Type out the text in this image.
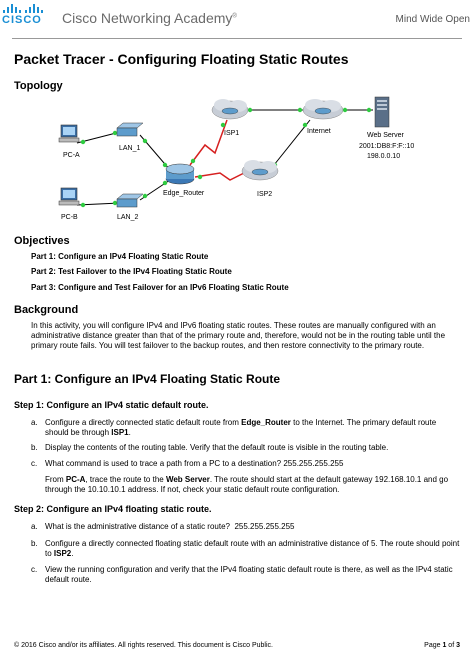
CISCO Cisco Networking Academy®	Mind Wide Open
Packet Tracer - Configuring Floating Static Routes
Topology
PC-A
PC-B
LAN_1
LAN_2
Edge_Router
ISP1
ISP2
Internet
Web Server
2001:DB8:F:F::10
198.0.0.10
Objectives
Part 1: Configure an IPv4 Floating Static Route
Part 2: Test Failover to the IPv4 Floating Static Route
Part 3: Configure and Test Failover for an IPv6 Floating Static Route
Background
In this activity, you will configure IPv4 and IPv6 floating static routes. These routes are manually configured with an administrative distance greater than that of the primary route and, therefore, would not be in the routing table until the primary route fails. You will test failover to the backup routes, and then restore connectivity to the primary route.
Part 1: Configure an IPv4 Floating Static Route
Step 1: Configure an IPv4 static default route.
a. Configure a directly connected static default route from Edge_Router to the Internet. The primary default route should be through ISP1.
b. Display the contents of the routing table. Verify that the default route is visible in the routing table.
c. What command is used to trace a path from a PC to a destination? 255.255.255.255
From PC-A, trace the route to the Web Server. The route should start at the default gateway 192.168.10.1 and go through the 10.10.10.1 address. If not, check your static default route configuration.
Step 2: Configure an IPv4 floating static route.
a. What is the administrative distance of a static route? 255.255.255.255
b. Configure a directly connected floating static default route with an administrative distance of 5. The route should point to ISP2.
c. View the running configuration and verify that the IPv4 floating static default route is there, as well as the IPv4 static default route.
© 2016 Cisco and/or its affiliates. All rights reserved. This document is Cisco Public.	Page 1 of 3
